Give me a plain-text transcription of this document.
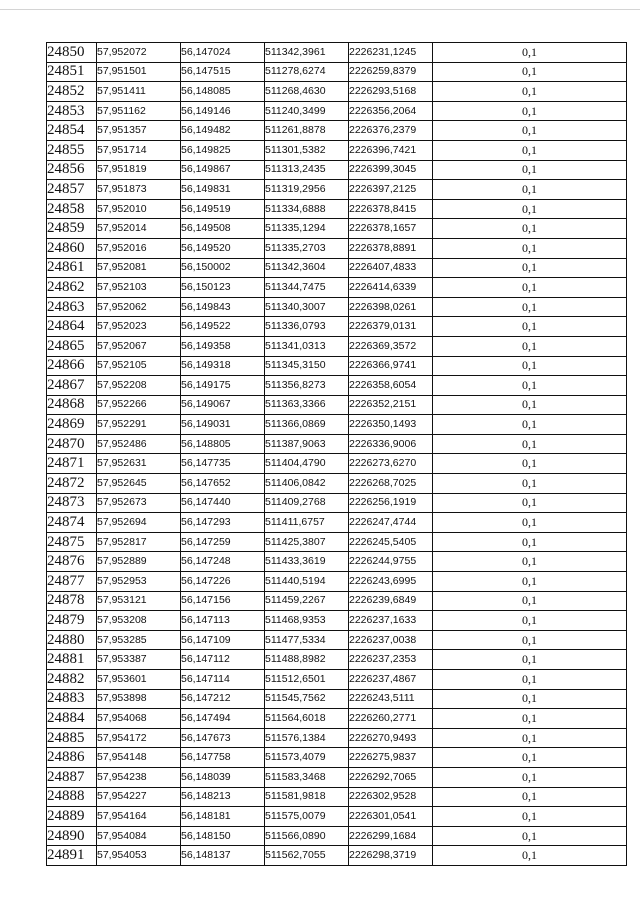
24850	57,952072	56,147024	511342,3961	2226231,1245	0,1
24851	57,951501	56,147515	511278,6274	2226259,8379	0,1
24852	57,951411	56,148085	511268,4630	2226293,5168	0,1
24853	57,951162	56,149146	511240,3499	2226356,2064	0,1
24854	57,951357	56,149482	511261,8878	2226376,2379	0,1
24855	57,951714	56,149825	511301,5382	2226396,7421	0,1
24856	57,951819	56,149867	511313,2435	2226399,3045	0,1
24857	57,951873	56,149831	511319,2956	2226397,2125	0,1
24858	57,952010	56,149519	511334,6888	2226378,8415	0,1
24859	57,952014	56,149508	511335,1294	2226378,1657	0,1
24860	57,952016	56,149520	511335,2703	2226378,8891	0,1
24861	57,952081	56,150002	511342,3604	2226407,4833	0,1
24862	57,952103	56,150123	511344,7475	2226414,6339	0,1
24863	57,952062	56,149843	511340,3007	2226398,0261	0,1
24864	57,952023	56,149522	511336,0793	2226379,0131	0,1
24865	57,952067	56,149358	511341,0313	2226369,3572	0,1
24866	57,952105	56,149318	511345,3150	2226366,9741	0,1
24867	57,952208	56,149175	511356,8273	2226358,6054	0,1
24868	57,952266	56,149067	511363,3366	2226352,2151	0,1
24869	57,952291	56,149031	511366,0869	2226350,1493	0,1
24870	57,952486	56,148805	511387,9063	2226336,9006	0,1
24871	57,952631	56,147735	511404,4790	2226273,6270	0,1
24872	57,952645	56,147652	511406,0842	2226268,7025	0,1
24873	57,952673	56,147440	511409,2768	2226256,1919	0,1
24874	57,952694	56,147293	511411,6757	2226247,4744	0,1
24875	57,952817	56,147259	511425,3807	2226245,5405	0,1
24876	57,952889	56,147248	511433,3619	2226244,9755	0,1
24877	57,952953	56,147226	511440,5194	2226243,6995	0,1
24878	57,953121	56,147156	511459,2267	2226239,6849	0,1
24879	57,953208	56,147113	511468,9353	2226237,1633	0,1
24880	57,953285	56,147109	511477,5334	2226237,0038	0,1
24881	57,953387	56,147112	511488,8982	2226237,2353	0,1
24882	57,953601	56,147114	511512,6501	2226237,4867	0,1
24883	57,953898	56,147212	511545,7562	2226243,5111	0,1
24884	57,954068	56,147494	511564,6018	2226260,2771	0,1
24885	57,954172	56,147673	511576,1384	2226270,9493	0,1
24886	57,954148	56,147758	511573,4079	2226275,9837	0,1
24887	57,954238	56,148039	511583,3468	2226292,7065	0,1
24888	57,954227	56,148213	511581,9818	2226302,9528	0,1
24889	57,954164	56,148181	511575,0079	2226301,0541	0,1
24890	57,954084	56,148150	511566,0890	2226299,1684	0,1
24891	57,954053	56,148137	511562,7055	2226298,3719	0,1
